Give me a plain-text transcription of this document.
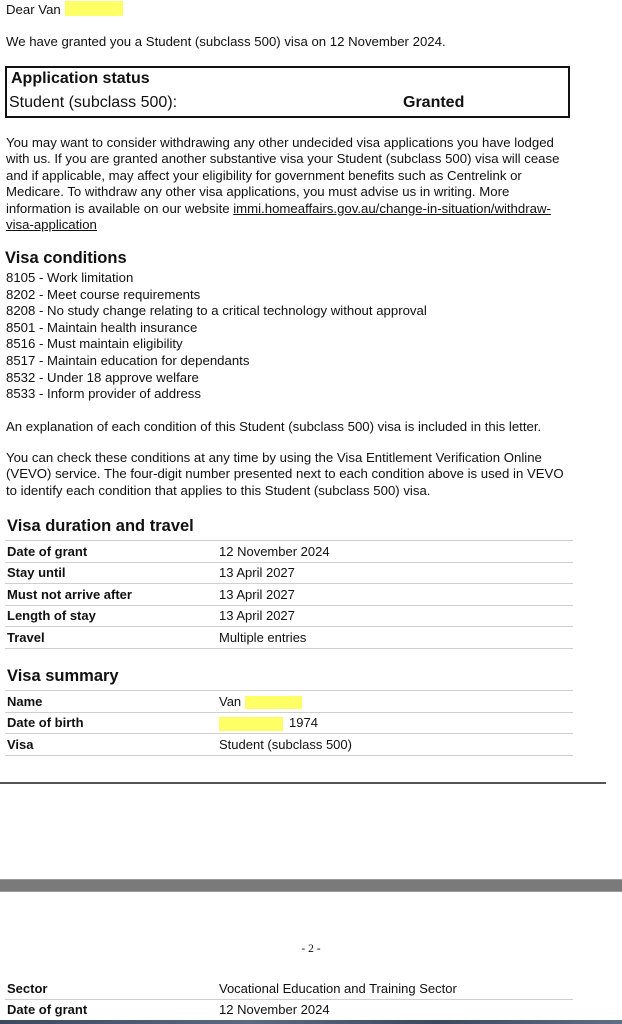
Dear Van
We have granted you a Student (subclass 500) visa on 12 November 2024.
Application status
Student (subclass 500):	Granted
You may want to consider withdrawing any other undecided visa applications you have lodged with us. If you are granted another substantive visa your Student (subclass 500) visa will cease and if applicable, may affect your eligibility for government benefits such as Centrelink or Medicare. To withdraw any other visa applications, you must advise us in writing. More information is available on our website immi.homeaffairs.gov.au/change-in-situation/withdraw-visa-application
Visa conditions
8105 - Work limitation
8202 - Meet course requirements
8208 - No study change relating to a critical technology without approval
8501 - Maintain health insurance
8516 - Must maintain eligibility
8517 - Maintain education for dependants
8532 - Under 18 approve welfare
8533 - Inform provider of address
An explanation of each condition of this Student (subclass 500) visa is included in this letter.
You can check these conditions at any time by using the Visa Entitlement Verification Online (VEVO) service. The four-digit number presented next to each condition above is used in VEVO to identify each condition that applies to this Student (subclass 500) visa.
Visa duration and travel
Date of grant	12 November 2024
Stay until	13 April 2027
Must not arrive after	13 April 2027
Length of stay	13 April 2027
Travel	Multiple entries
Visa summary
Name	Van
Date of birth	1974
Visa	Student (subclass 500)
- 2 -
Sector	Vocational Education and Training Sector
Date of grant	12 November 2024
